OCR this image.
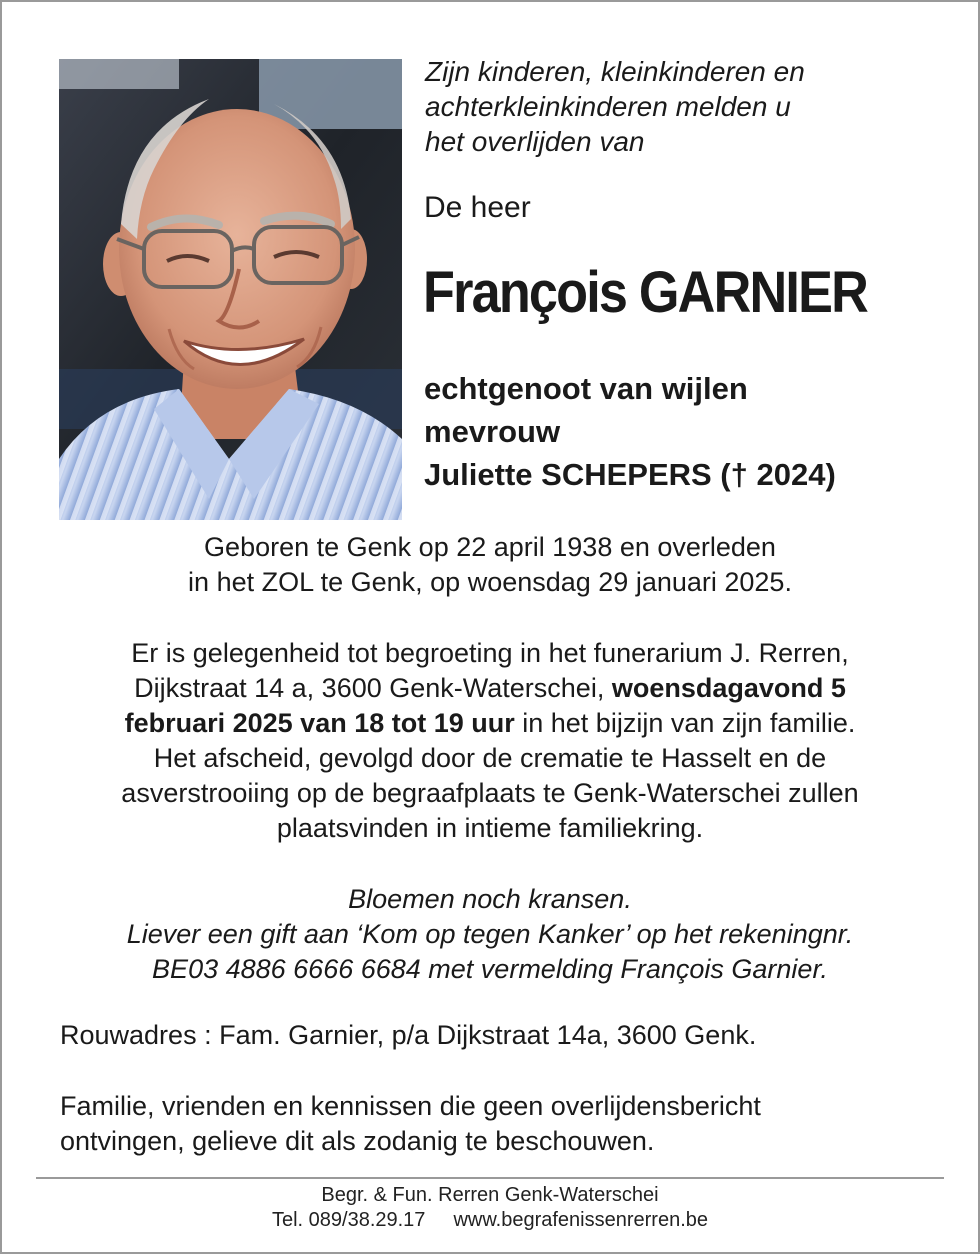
Zijn kinderen, kleinkinderen en
achterkleinkinderen melden u
het overlijden van
De heer
François GARNIER
echtgenoot van wijlen
mevrouw
Juliette SCHEPERS († 2024)
Geboren te Genk op 22 april 1938 en overleden
in het ZOL te Genk, op woensdag 29 januari 2025.
Er is gelegenheid tot begroeting in het funerarium J. Rerren,
Dijkstraat 14 a, 3600 Genk-Waterschei, woensdagavond 5
februari 2025 van 18 tot 19 uur in het bijzijn van zijn familie.
Het afscheid, gevolgd door de crematie te Hasselt en de
asverstrooiing op de begraafplaats te Genk-Waterschei zullen
plaatsvinden in intieme familiekring.
Bloemen noch kransen.
Liever een gift aan ‘Kom op tegen Kanker’ op het rekeningnr.
BE03 4886 6666 6684 met vermelding François Garnier.
Rouwadres : Fam. Garnier, p/a Dijkstraat 14a, 3600 Genk.
Familie, vrienden en kennissen die geen overlijdensbericht
ontvingen, gelieve dit als zodanig te beschouwen.
Begr. & Fun. Rerren Genk-Waterschei
Tel. 089/38.29.17 www.begrafenissenrerren.be
